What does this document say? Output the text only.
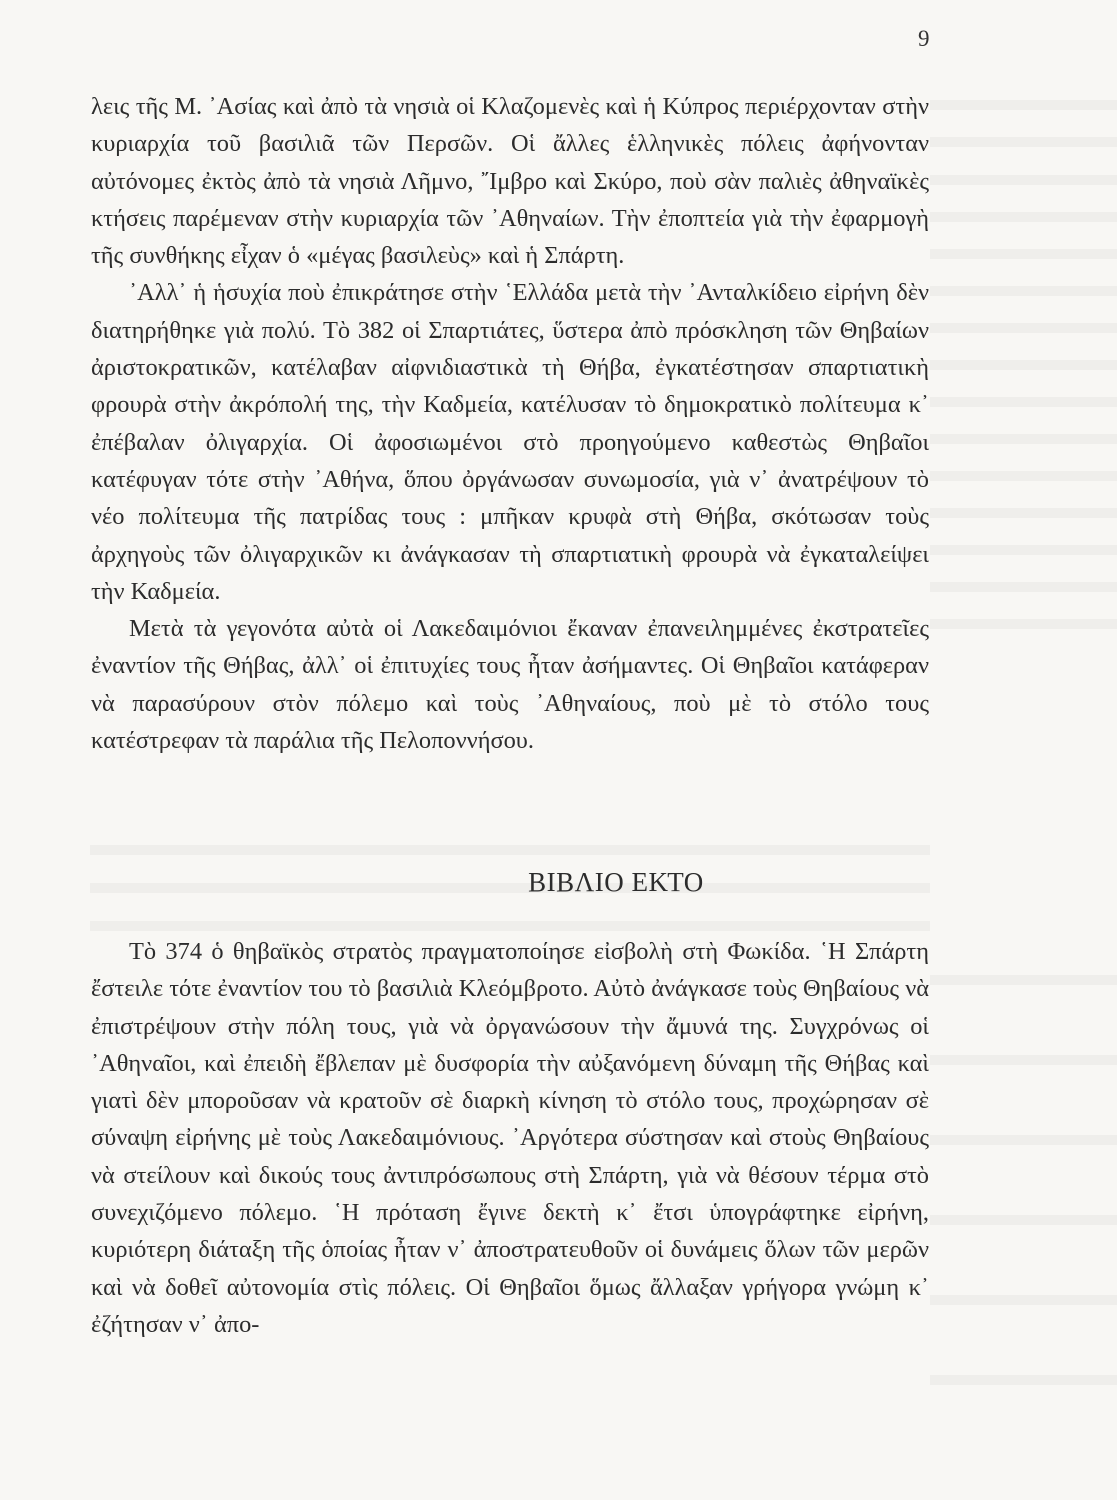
9

λεις τῆς Μ. ᾿Ασίας καὶ ἀπὸ τὰ νησιὰ οἱ Κλαζομενὲς καὶ ἡ Κύπρος περιέρχονταν στὴν κυριαρχία τοῦ βασιλιᾶ τῶν Περσῶν. Οἱ ἄλλες ἑλληνικὲς πόλεις ἀφήνονταν αὐτόνομες ἐκτὸς ἀπὸ τὰ νησιὰ Λῆμνο, ῎Ιμβρο καὶ Σκύρο, ποὺ σὰν παλιὲς ἀθηναϊκὲς κτήσεις παρέμεναν στὴν κυριαρχία τῶν ᾿Αθηναίων. Τὴν ἐποπτεία γιὰ τὴν ἐφαρμογὴ τῆς συνθήκης εἶχαν ὁ «μέγας βασιλεὺς» καὶ ἡ Σπάρτη.

᾿Αλλ᾿ ἡ ἡσυχία ποὺ ἐπικράτησε στὴν ῾Ελλάδα μετὰ τὴν ᾿Ανταλκίδειο εἰρήνη δὲν διατηρήθηκε γιὰ πολύ. Τὸ 382 οἱ Σπαρτιάτες, ὕστερα ἀπὸ πρόσκληση τῶν Θηβαίων ἀριστοκρατικῶν, κατέλαβαν αἰφνιδιαστικὰ τὴ Θήβα, ἐγκατέστησαν σπαρτιατικὴ φρουρὰ στὴν ἀκρόπολή της, τὴν Καδμεία, κατέλυσαν τὸ δημοκρατικὸ πολίτευμα κ᾿ ἐπέβαλαν ὀλιγαρχία. Οἱ ἀφοσιωμένοι στὸ προηγούμενο καθεστὼς Θηβαῖοι κατέφυγαν τότε στὴν ᾿Αθήνα, ὅπου ὀργάνωσαν συνωμοσία, γιὰ ν᾿ ἀνατρέψουν τὸ νέο πολίτευμα τῆς πατρίδας τους : μπῆκαν κρυφὰ στὴ Θήβα, σκότωσαν τοὺς ἀρχηγοὺς τῶν ὀλιγαρχικῶν κι ἀνάγκασαν τὴ σπαρτιατικὴ φρουρὰ νὰ ἐγκαταλείψει τὴν Καδμεία.

Μετὰ τὰ γεγονότα αὐτὰ οἱ Λακεδαιμόνιοι ἔκαναν ἐπανειλημμένες ἐκστρατεῖες ἐναντίον τῆς Θήβας, ἀλλ᾿ οἱ ἐπιτυχίες τους ἦταν ἀσήμαντες. Οἱ Θηβαῖοι κατάφεραν νὰ παρασύρουν στὸν πόλεμο καὶ τοὺς ᾿Αθηναίους, ποὺ μὲ τὸ στόλο τους κατέστρεφαν τὰ παράλια τῆς Πελοποννήσου.

ΒΙΒΛΙΟ ΕΚΤΟ

Τὸ 374 ὁ θηβαϊκὸς στρατὸς πραγματοποίησε εἰσβολὴ στὴ Φωκίδα. ῾Η Σπάρτη ἔστειλε τότε ἐναντίον του τὸ βασιλιὰ Κλεόμβροτο. Αὐτὸ ἀνάγκασε τοὺς Θηβαίους νὰ ἐπιστρέψουν στὴν πόλη τους, γιὰ νὰ ὀργανώσουν τὴν ἄμυνά της. Συγχρόνως οἱ ᾿Αθηναῖοι, καὶ ἐπειδὴ ἔβλεπαν μὲ δυσφορία τὴν αὐξανόμενη δύναμη τῆς Θήβας καὶ γιατὶ δὲν μποροῦσαν νὰ κρατοῦν σὲ διαρκὴ κίνηση τὸ στόλο τους, προχώρησαν σὲ σύναψη εἰρήνης μὲ τοὺς Λακεδαιμόνιους. ᾿Αργότερα σύστησαν καὶ στοὺς Θηβαίους νὰ στείλουν καὶ δικούς τους ἀντιπρόσωπους στὴ Σπάρτη, γιὰ νὰ θέσουν τέρμα στὸ συνεχιζόμενο πόλεμο. ῾Η πρόταση ἔγινε δεκτὴ κ᾿ ἔτσι ὑπογράφτηκε εἰρήνη, κυριότερη διάταξη τῆς ὁποίας ἦταν ν᾿ ἀποστρατευθοῦν οἱ δυνάμεις ὅλων τῶν μερῶν καὶ νὰ δοθεῖ αὐτονομία στὶς πόλεις. Οἱ Θηβαῖοι ὅμως ἄλλαξαν γρήγορα γνώμη κ᾿ ἐζήτησαν ν᾿ ἀπο-
